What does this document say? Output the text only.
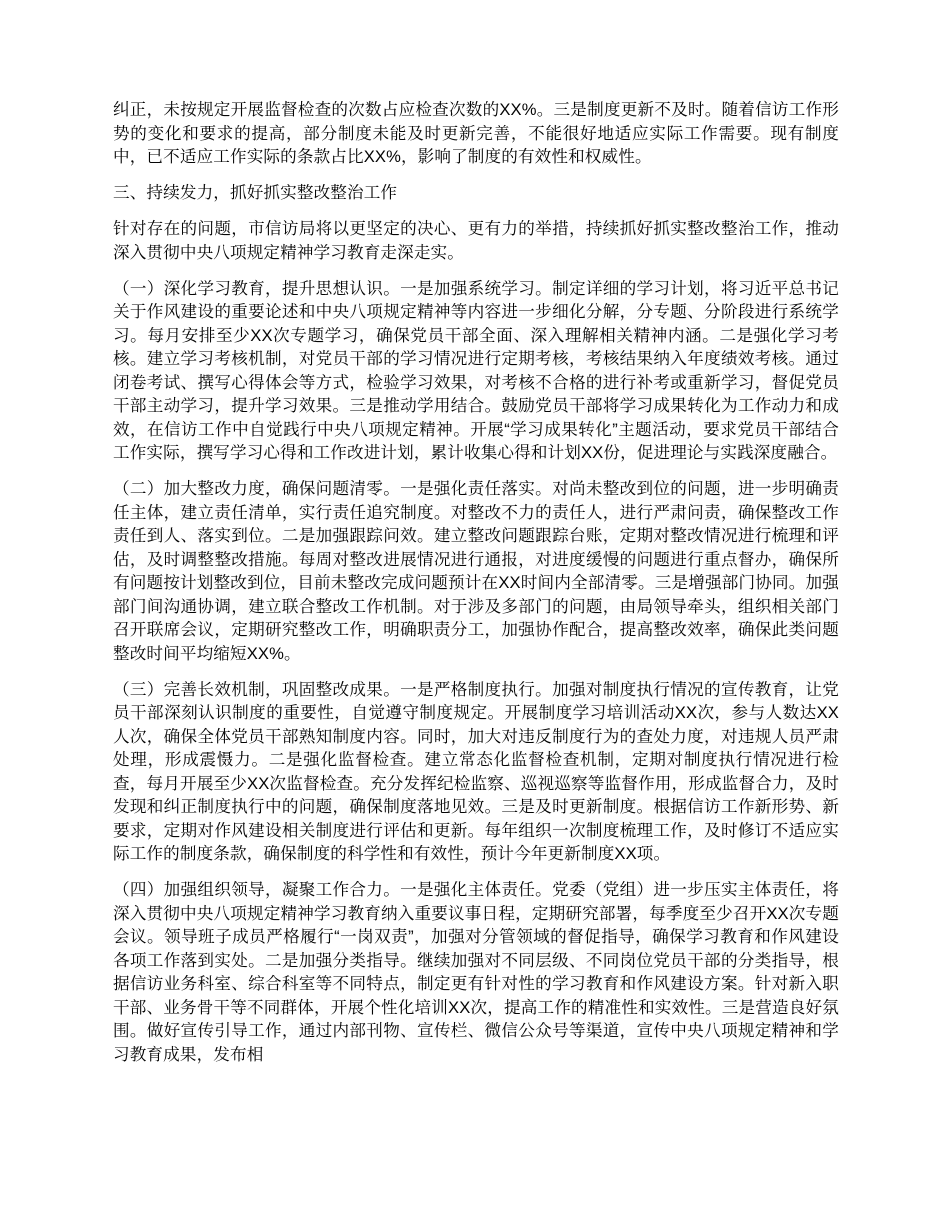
纠正，未按规定开展监督检查的次数占应检查次数的XX%。三是制度更新不及时。随着信访工作形势的变化和要求的提高，部分制度未能及时更新完善，不能很好地适应实际工作需要。现有制度中，已不适应工作实际的条款占比XX%，影响了制度的有效性和权威性。

三、持续发力，抓好抓实整改整治工作

针对存在的问题，市信访局将以更坚定的决心、更有力的举措，持续抓好抓实整改整治工作，推动深入贯彻中央八项规定精神学习教育走深走实。

（一）深化学习教育，提升思想认识。一是加强系统学习。制定详细的学习计划，将习近平总书记关于作风建设的重要论述和中央八项规定精神等内容进一步细化分解，分专题、分阶段进行系统学习。每月安排至少XX次专题学习，确保党员干部全面、深入理解相关精神内涵。二是强化学习考核。建立学习考核机制，对党员干部的学习情况进行定期考核，考核结果纳入年度绩效考核。通过闭卷考试、撰写心得体会等方式，检验学习效果，对考核不合格的进行补考或重新学习，督促党员干部主动学习，提升学习效果。三是推动学用结合。鼓励党员干部将学习成果转化为工作动力和成效，在信访工作中自觉践行中央八项规定精神。开展“学习成果转化”主题活动，要求党员干部结合工作实际，撰写学习心得和工作改进计划，累计收集心得和计划XX份，促进理论与实践深度融合。

（二）加大整改力度，确保问题清零。一是强化责任落实。对尚未整改到位的问题，进一步明确责任主体，建立责任清单，实行责任追究制度。对整改不力的责任人，进行严肃问责，确保整改工作责任到人、落实到位。二是加强跟踪问效。建立整改问题跟踪台账，定期对整改情况进行梳理和评估，及时调整整改措施。每周对整改进展情况进行通报，对进度缓慢的问题进行重点督办，确保所有问题按计划整改到位，目前未整改完成问题预计在XX时间内全部清零。三是增强部门协同。加强部门间沟通协调，建立联合整改工作机制。对于涉及多部门的问题，由局领导牵头，组织相关部门召开联席会议，定期研究整改工作，明确职责分工，加强协作配合，提高整改效率，确保此类问题整改时间平均缩短XX%。

（三）完善长效机制，巩固整改成果。一是严格制度执行。加强对制度执行情况的宣传教育，让党员干部深刻认识制度的重要性，自觉遵守制度规定。开展制度学习培训活动XX次，参与人数达XX人次，确保全体党员干部熟知制度内容。同时，加大对违反制度行为的查处力度，对违规人员严肃处理，形成震慑力。二是强化监督检查。建立常态化监督检查机制，定期对制度执行情况进行检查，每月开展至少XX次监督检查。充分发挥纪检监察、巡视巡察等监督作用，形成监督合力，及时发现和纠正制度执行中的问题，确保制度落地见效。三是及时更新制度。根据信访工作新形势、新要求，定期对作风建设相关制度进行评估和更新。每年组织一次制度梳理工作，及时修订不适应实际工作的制度条款，确保制度的科学性和有效性，预计今年更新制度XX项。

（四）加强组织领导，凝聚工作合力。一是强化主体责任。党委（党组）进一步压实主体责任，将深入贯彻中央八项规定精神学习教育纳入重要议事日程，定期研究部署，每季度至少召开XX次专题会议。领导班子成员严格履行“一岗双责”，加强对分管领域的督促指导，确保学习教育和作风建设各项工作落到实处。二是加强分类指导。继续加强对不同层级、不同岗位党员干部的分类指导，根据信访业务科室、综合科室等不同特点，制定更有针对性的学习教育和作风建设方案。针对新入职干部、业务骨干等不同群体，开展个性化培训XX次，提高工作的精准性和实效性。三是营造良好氛围。做好宣传引导工作，通过内部刊物、宣传栏、微信公众号等渠道，宣传中央八项规定精神和学习教育成果，发布相
